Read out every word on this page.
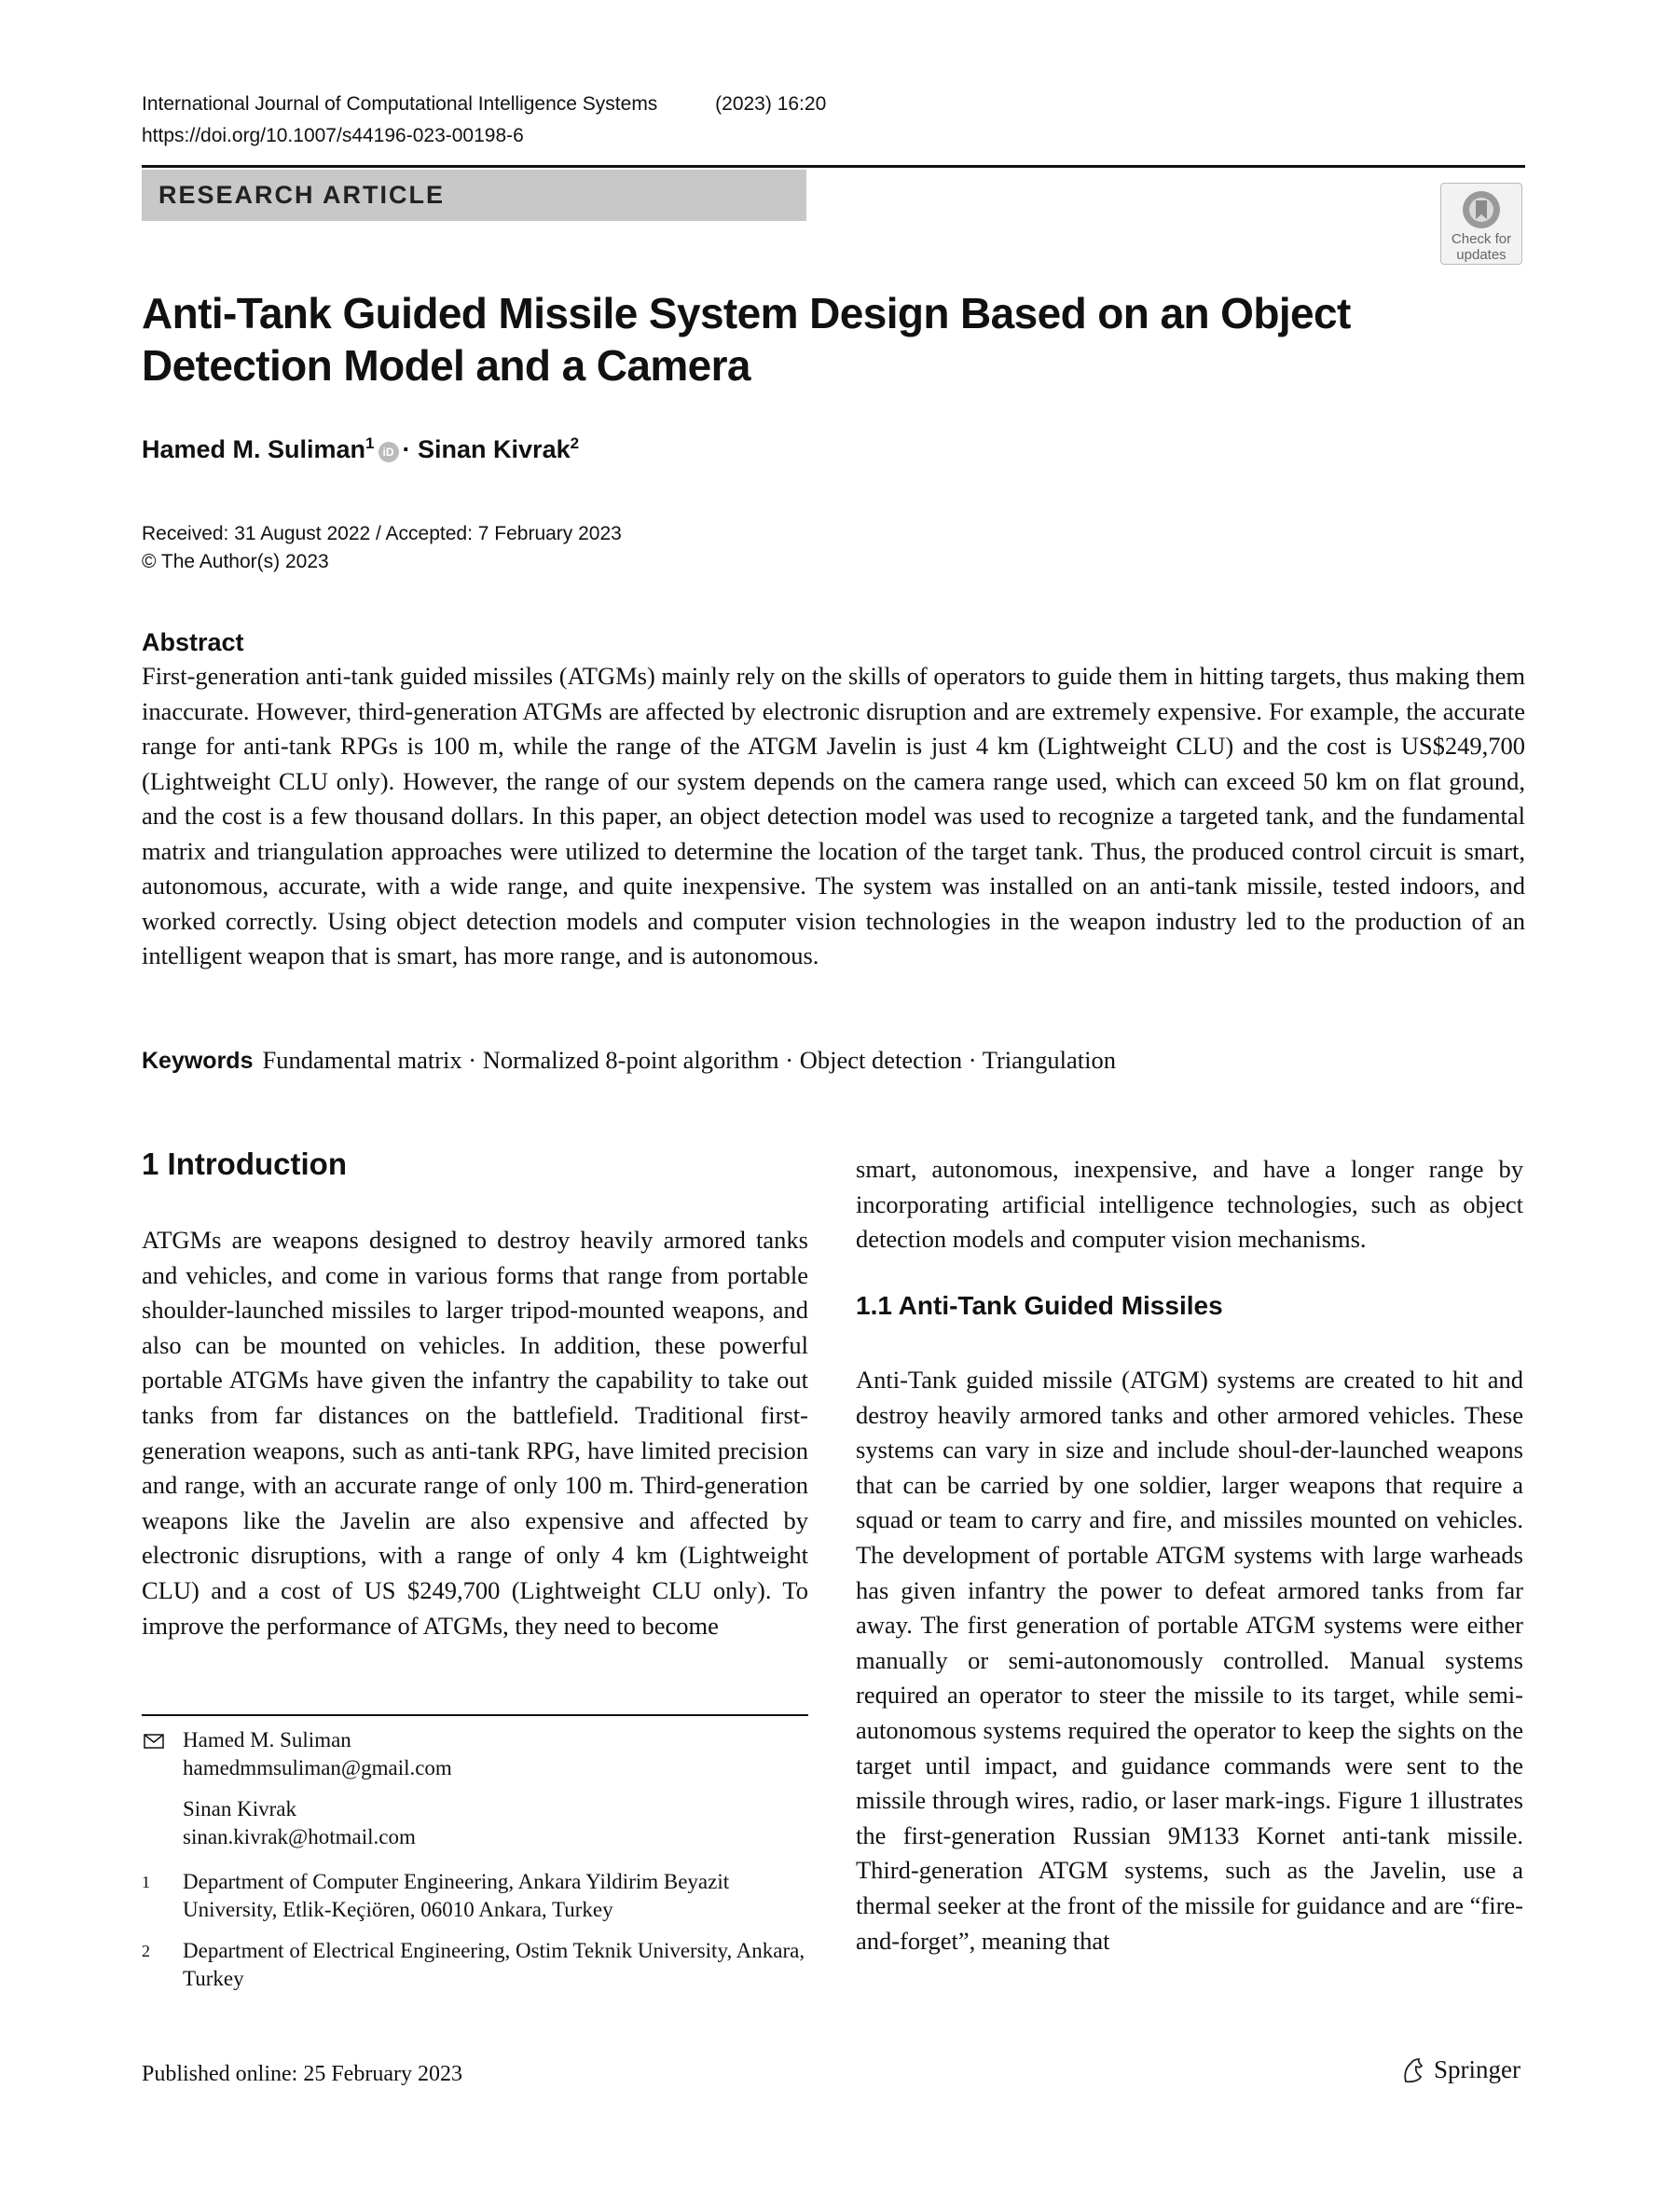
International Journal of Computational Intelligence Systems	(2023) 16:20
https://doi.org/10.1007/s44196-023-00198-6
RESEARCH ARTICLE
Check for
updates
Anti-Tank Guided Missile System Design Based on an Object Detection Model and a Camera
Hamed M. Suliman$^1$ iD · Sinan Kivrak$^2$
Received: 31 August 2022 / Accepted: 7 February 2023
© The Author(s) 2023
Abstract
First-generation anti-tank guided missiles (ATGMs) mainly rely on the skills of operators to guide them in hitting targets, thus making them inaccurate. However, third-generation ATGMs are affected by electronic disruption and are extremely expensive. For example, the accurate range for anti-tank RPGs is 100 m, while the range of the ATGM Javelin is just 4 km (Lightweight CLU) and the cost is US$249,700 (Lightweight CLU only). However, the range of our system depends on the camera range used, which can exceed 50 km on flat ground, and the cost is a few thousand dollars. In this paper, an object detection model was used to recognize a targeted tank, and the fundamental matrix and triangulation approaches were utilized to determine the location of the target tank. Thus, the produced control circuit is smart, autonomous, accurate, with a wide range, and quite inexpensive. The system was installed on an anti-tank missile, tested indoors, and worked correctly. Using object detection models and computer vision technologies in the weapon industry led to the production of an intelligent weapon that is smart, has more range, and is autonomous.
Keywords Fundamental matrix · Normalized 8-point algorithm · Object detection · Triangulation
1 Introduction
ATGMs are weapons designed to destroy heavily armored tanks and vehicles, and come in various forms that range from portable shoulder-launched missiles to larger tripod-mounted weapons, and also can be mounted on vehicles. In addition, these powerful portable ATGMs have given the infantry the capability to take out tanks from far distances on the battlefield. Traditional first-generation weapons, such as anti-tank RPG, have limited precision and range, with an accurate range of only 100 m. Third-generation weapons like the Javelin are also expensive and affected by electronic disruptions, with a range of only 4 km (Lightweight CLU) and a cost of US $249,700 (Lightweight CLU only). To improve the performance of ATGMs, they need to become
smart, autonomous, inexpensive, and have a longer range by incorporating artificial intelligence technologies, such as object detection models and computer vision mechanisms.
1.1 Anti-Tank Guided Missiles
Anti-Tank guided missile (ATGM) systems are created to hit and destroy heavily armored tanks and other armored vehicles. These systems can vary in size and include shoul-der-launched weapons that can be carried by one soldier, larger weapons that require a squad or team to carry and fire, and missiles mounted on vehicles. The development of portable ATGM systems with large warheads has given infantry the power to defeat armored tanks from far away. The first generation of portable ATGM systems were either manually or semi-autonomously controlled. Manual systems required an operator to steer the missile to its target, while semi-autonomous systems required the operator to keep the sights on the target until impact, and guidance commands were sent to the missile through wires, radio, or laser mark-ings. Figure 1 illustrates the first-generation Russian 9M133 Kornet anti-tank missile. Third-generation ATGM systems, such as the Javelin, use a thermal seeker at the front of the missile for guidance and are “fire-and-forget”, meaning that
Hamed M. Suliman
hamedmmsuliman@gmail.com
Sinan Kivrak
sinan.kivrak@hotmail.com
1 Department of Computer Engineering, Ankara Yildirim Beyazit University, Etlik-Keçiören, 06010 Ankara, Turkey
2 Department of Electrical Engineering, Ostim Teknik University, Ankara, Turkey
Published online: 25 February 2023	Springer
